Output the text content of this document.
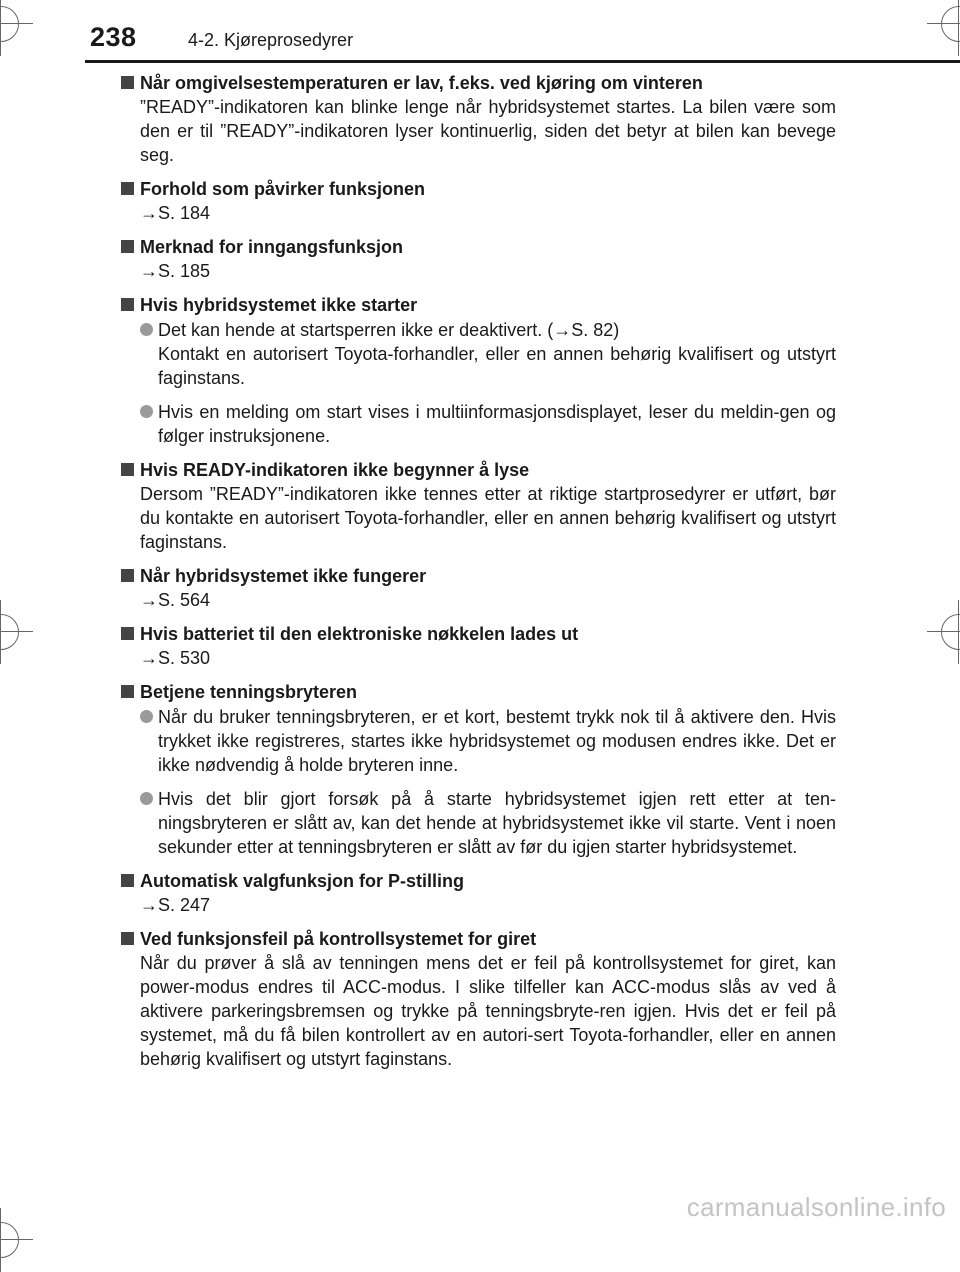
238	4-2. Kjøreprosedyrer
Når omgivelsestemperaturen er lav, f.eks. ved kjøring om vinteren
”READY”-indikatoren kan blinke lenge når hybridsystemet startes. La bilen være som den er til ”READY”-indikatoren lyser kontinuerlig, siden det betyr at bilen kan bevege seg.
Forhold som påvirker funksjonen
→S. 184
Merknad for inngangsfunksjon
→S. 185
Hvis hybridsystemet ikke starter
Det kan hende at startsperren ikke er deaktivert. (→S. 82)
Kontakt en autorisert Toyota-forhandler, eller en annen behørig kvalifisert og utstyrt faginstans.
Hvis en melding om start vises i multiinformasjonsdisplayet, leser du meldin-gen og følger instruksjonene.
Hvis READY-indikatoren ikke begynner å lyse
Dersom ”READY”-indikatoren ikke tennes etter at riktige startprosedyrer er utført, bør du kontakte en autorisert Toyota-forhandler, eller en annen behørig kvalifisert og utstyrt faginstans.
Når hybridsystemet ikke fungerer
→S. 564
Hvis batteriet til den elektroniske nøkkelen lades ut
→S. 530
Betjene tenningsbryteren
Når du bruker tenningsbryteren, er et kort, bestemt trykk nok til å aktivere den. Hvis trykket ikke registreres, startes ikke hybridsystemet og modusen endres ikke. Det er ikke nødvendig å holde bryteren inne.
Hvis det blir gjort forsøk på å starte hybridsystemet igjen rett etter at ten-ningsbryteren er slått av, kan det hende at hybridsystemet ikke vil starte. Vent i noen sekunder etter at tenningsbryteren er slått av før du igjen starter hybridsystemet.
Automatisk valgfunksjon for P-stilling
→S. 247
Ved funksjonsfeil på kontrollsystemet for giret
Når du prøver å slå av tenningen mens det er feil på kontrollsystemet for giret, kan power-modus endres til ACC-modus. I slike tilfeller kan ACC-modus slås av ved å aktivere parkeringsbremsen og trykke på tenningsbryte-ren igjen. Hvis det er feil på systemet, må du få bilen kontrollert av en autori-sert Toyota-forhandler, eller en annen behørig kvalifisert og utstyrt faginstans.
carmanualsonline.info
